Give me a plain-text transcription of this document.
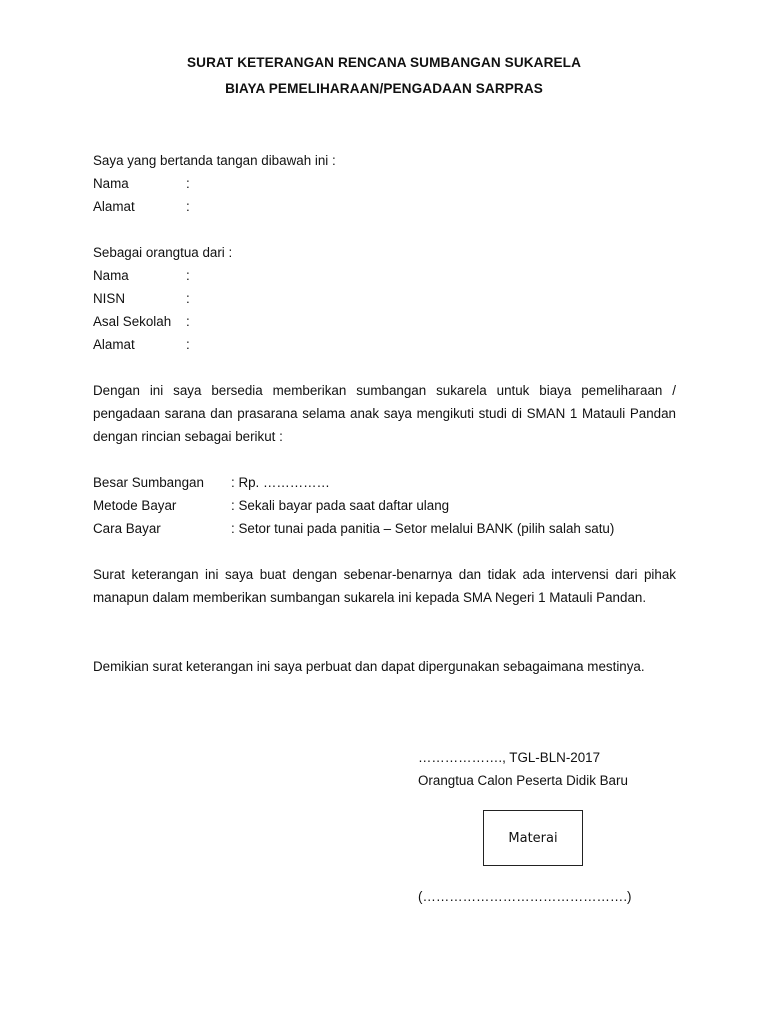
SURAT KETERANGAN RENCANA SUMBANGAN SUKARELA
BIAYA PEMELIHARAAN/PENGADAAN SARPRAS
Saya yang bertanda tangan dibawah ini :
Nama	:
Alamat	:
Sebagai orangtua dari :
Nama	:
NISN	:
Asal Sekolah :
Alamat	:
Dengan ini saya bersedia memberikan sumbangan sukarela untuk biaya pemeliharaan / pengadaan sarana dan prasarana selama anak saya mengikuti studi di SMAN 1 Matauli Pandan dengan rincian sebagai berikut :
Besar Sumbangan : Rp. ……………
Metode Bayar	: Sekali bayar pada saat daftar ulang
Cara Bayar	: Setor tunai pada panitia – Setor melalui BANK (pilih salah satu)
Surat keterangan ini saya buat dengan sebenar-benarnya dan tidak ada intervensi dari pihak manapun dalam memberikan sumbangan sukarela ini kepada SMA Negeri 1 Matauli Pandan.
Demikian surat keterangan ini saya perbuat dan dapat dipergunakan sebagaimana mestinya.
………………., TGL-BLN-2017
Orangtua Calon Peserta Didik Baru
Materai
(……………………………………….)
